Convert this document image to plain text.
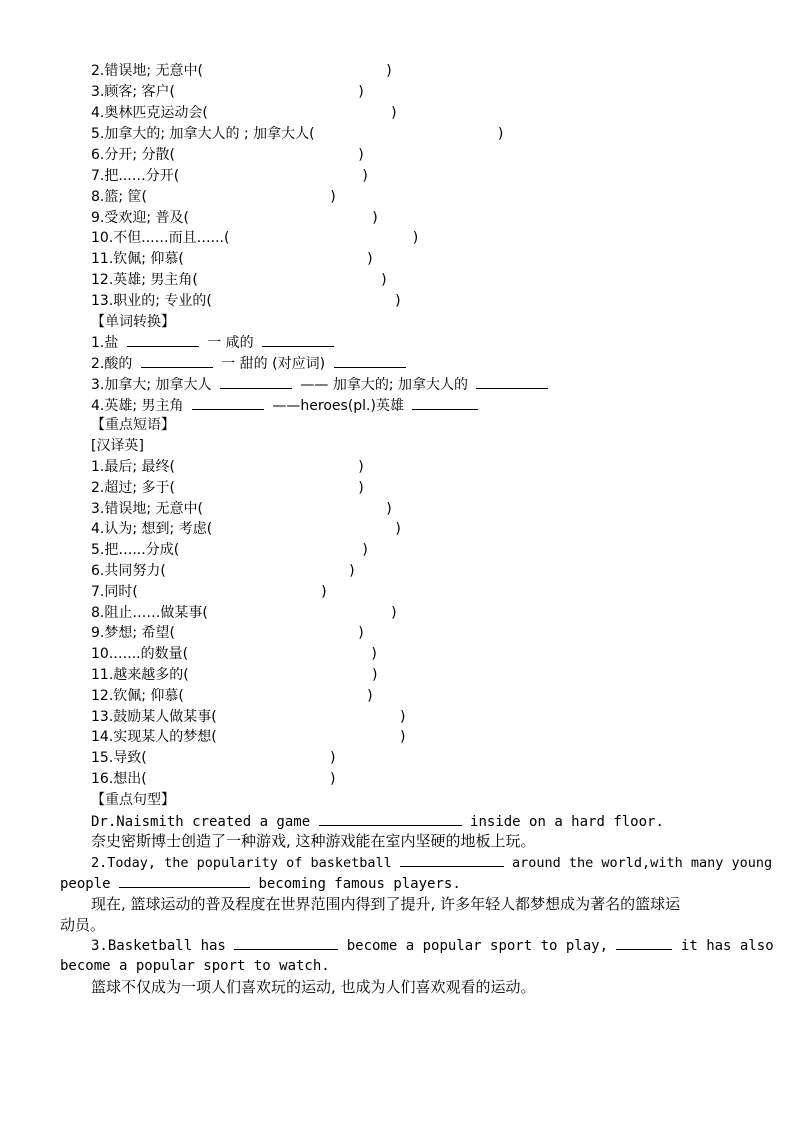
2.错误地; 无意中(	)
3.顾客; 客户(	)
4.奥林匹克运动会(	)
5.加拿大的; 加拿大人的 ; 加拿大人(	)
6.分开; 分散(	)
7.把...…分开(	)
8.篮; 筐(	)
9.受欢迎; 普及(	)
10.不但...…而且…...(	)
11.钦佩; 仰慕(	)
12.英雄; 男主角(	)
13.职业的; 专业的(	)
【单词转换】
1.盐	一 咸的
2.酸的	一 甜的 (对应词)
3.加拿大; 加拿大人	—— 加拿大的; 加拿大人的
4.英雄; 男主角	——heroes(pl.)英雄
【重点短语】
[汉译英]
1.最后; 最终(	)
2.超过; 多于(	)
3.错误地; 无意中(	)
4.认为; 想到; 考虑(	)
5.把…...分成(	)
6.共同努力(	)
7.同时(	)
8.阻止……做某事(	)
9.梦想; 希望(	)
10.…...的数量(	)
11.越来越多的(	)
12.钦佩; 仰慕(	)
13.鼓励某人做某事(	)
14.实现某人的梦想(	)
15.导致(	)
16.想出(	)
【重点句型】
Dr.Naismith created a game	inside on a hard floor.
奈史密斯博士创造了一种游戏, 这种游戏能在室内坚硬的地板上玩。
2.Today, the popularity of basketball	around the world,with many young
people	becoming famous players.
现在, 篮球运动的普及程度在世界范围内得到了提升, 许多年轻人都梦想成为著名的篮球运
动员。
3.Basketball has	become a popular sport to play,	it has also
become a popular sport to watch.
篮球不仅成为一项人们喜欢玩的运动, 也成为人们喜欢观看的运动。
